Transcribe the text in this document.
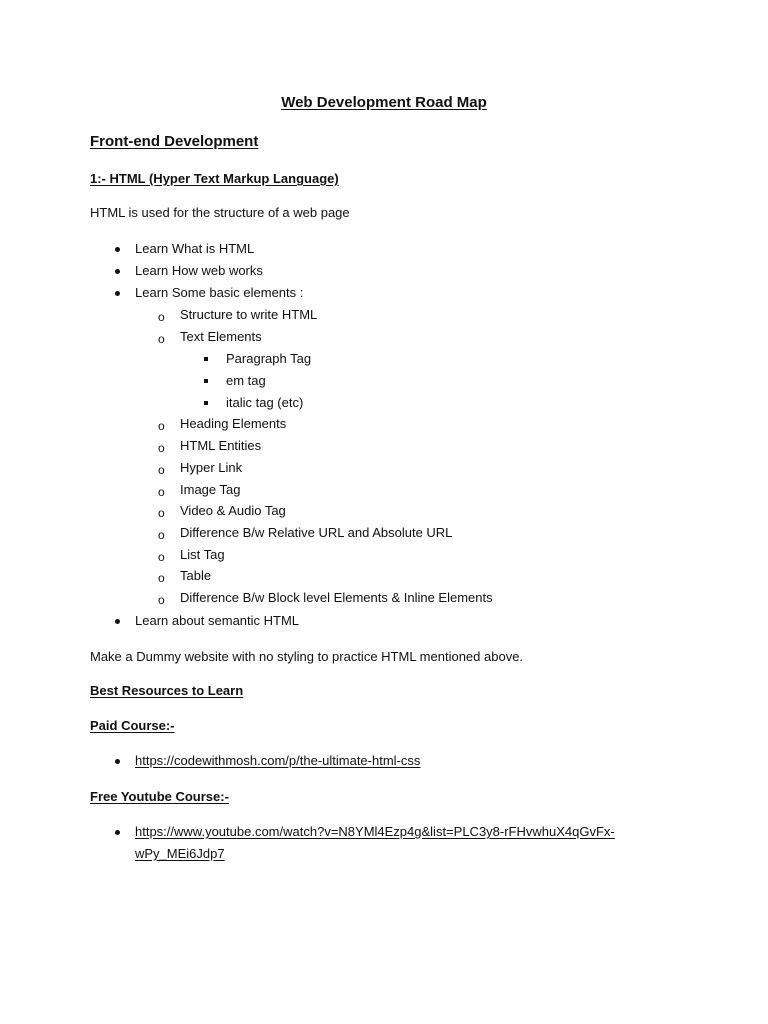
Web Development Road Map
Front-end Development
1:- HTML (Hyper Text Markup Language)
HTML is used for the structure of a web page
Learn What is HTML
Learn How web works
Learn Some basic elements :
o Structure to write HTML
o Text Elements
Paragraph Tag
em tag
italic tag (etc)
o Heading Elements
o HTML Entities
o Hyper Link
o Image Tag
o Video & Audio Tag
o Difference B/w Relative URL and Absolute URL
o List Tag
o Table
o Difference B/w Block level Elements & Inline Elements
Learn about semantic HTML
Make a Dummy website with no styling to practice HTML mentioned above.
Best Resources to Learn
Paid Course:-
https://codewithmosh.com/p/the-ultimate-html-css
Free Youtube Course:-
https://www.youtube.com/watch?v=N8YMl4Ezp4g&list=PLC3y8-rFHvwhuX4qGvFx-
wPy_MEi6Jdp7
